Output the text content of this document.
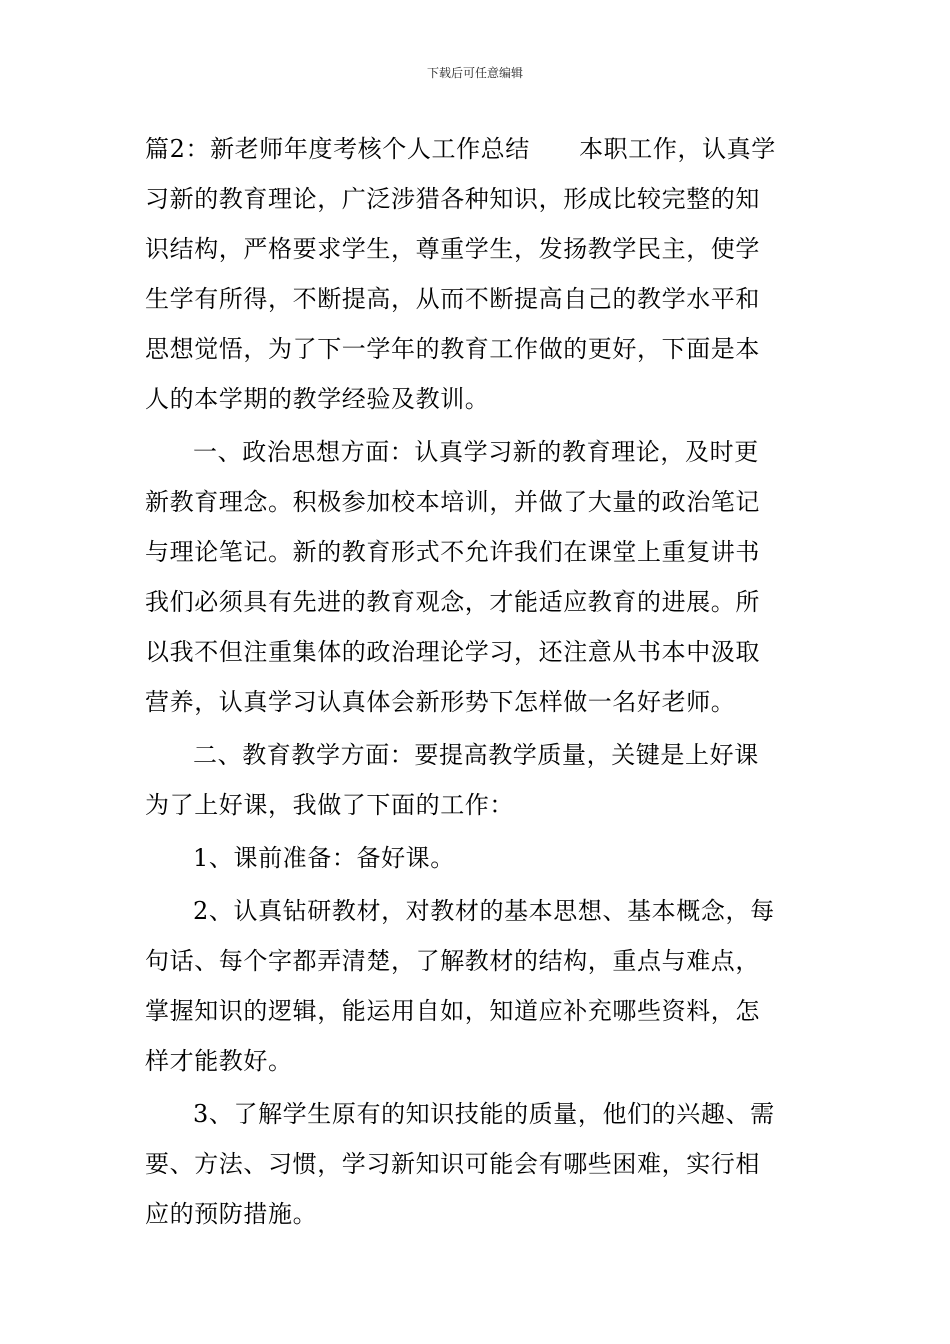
下载后可任意编辑
篇2：新老师年度考核个人工作总结　　本职工作，认真学
习新的教育理论，广泛涉猎各种知识，形成比较完整的知
识结构，严格要求学生，尊重学生，发扬教学民主，使学
生学有所得，不断提高，从而不断提高自己的教学水平和
思想觉悟，为了下一学年的教育工作做的更好，下面是本
人的本学期的教学经验及教训。
一、政治思想方面：认真学习新的教育理论，及时更
新教育理念。积极参加校本培训，并做了大量的政治笔记
与理论笔记。新的教育形式不允许我们在课堂上重复讲书
我们必须具有先进的教育观念，才能适应教育的进展。所
以我不但注重集体的政治理论学习，还注意从书本中汲取
营养，认真学习认真体会新形势下怎样做一名好老师。
二、教育教学方面：要提高教学质量，关键是上好课
为了上好课，我做了下面的工作：
1、课前准备：备好课。
2、认真钻研教材，对教材的基本思想、基本概念，每
句话、每个字都弄清楚，了解教材的结构，重点与难点，
掌握知识的逻辑，能运用自如，知道应补充哪些资料，怎
样才能教好。
3、了解学生原有的知识技能的质量，他们的兴趣、需
要、方法、习惯，学习新知识可能会有哪些困难，实行相
应的预防措施。
